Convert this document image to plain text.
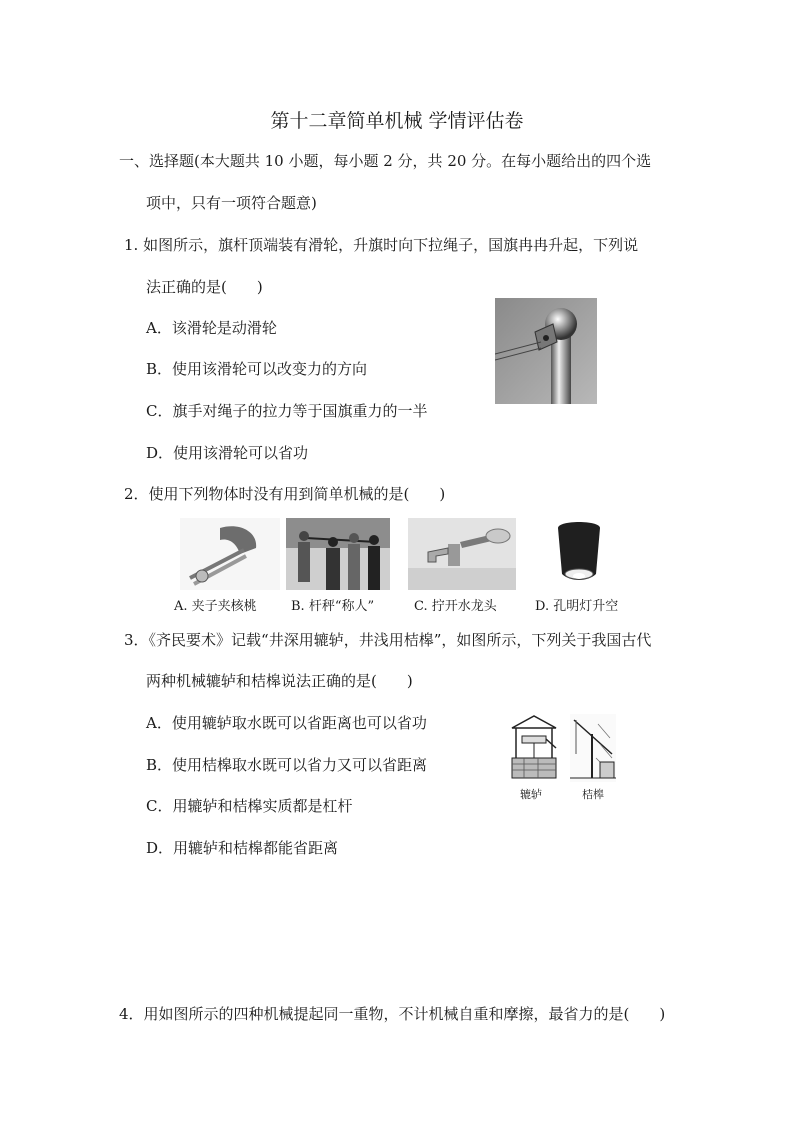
第十二章简单机械 学情评估卷
一、选择题(本大题共 10 小题，每小题 2 分，共 20 分。在每小题给出的四个选
项中，只有一项符合题意)
1. 如图所示，旗杆顶端装有滑轮，升旗时向下拉绳子，国旗冉冉升起，下列说
法正确的是(　　)
A．该滑轮是动滑轮
B．使用该滑轮可以改变力的方向
C．旗手对绳子的拉力等于国旗重力的一半
D．使用该滑轮可以省功
2．使用下列物体时没有用到简单机械的是(　　)
A. 夹子夹核桃	B. 杆秤“称人”	C. 拧开水龙头	D. 孔明灯升空
3．《齐民要术》记载“井深用辘轳，井浅用桔槔”，如图所示，下列关于我国古代
两种机械辘轳和桔槔说法正确的是(　　)
A．使用辘轳取水既可以省距离也可以省功
B．使用桔槔取水既可以省力又可以省距离
C．用辘轳和桔槔实质都是杠杆
D．用辘轳和桔槔都能省距离
辘轳	桔槔
4．用如图所示的四种机械提起同一重物，不计机械自重和摩擦，最省力的是(　　)
